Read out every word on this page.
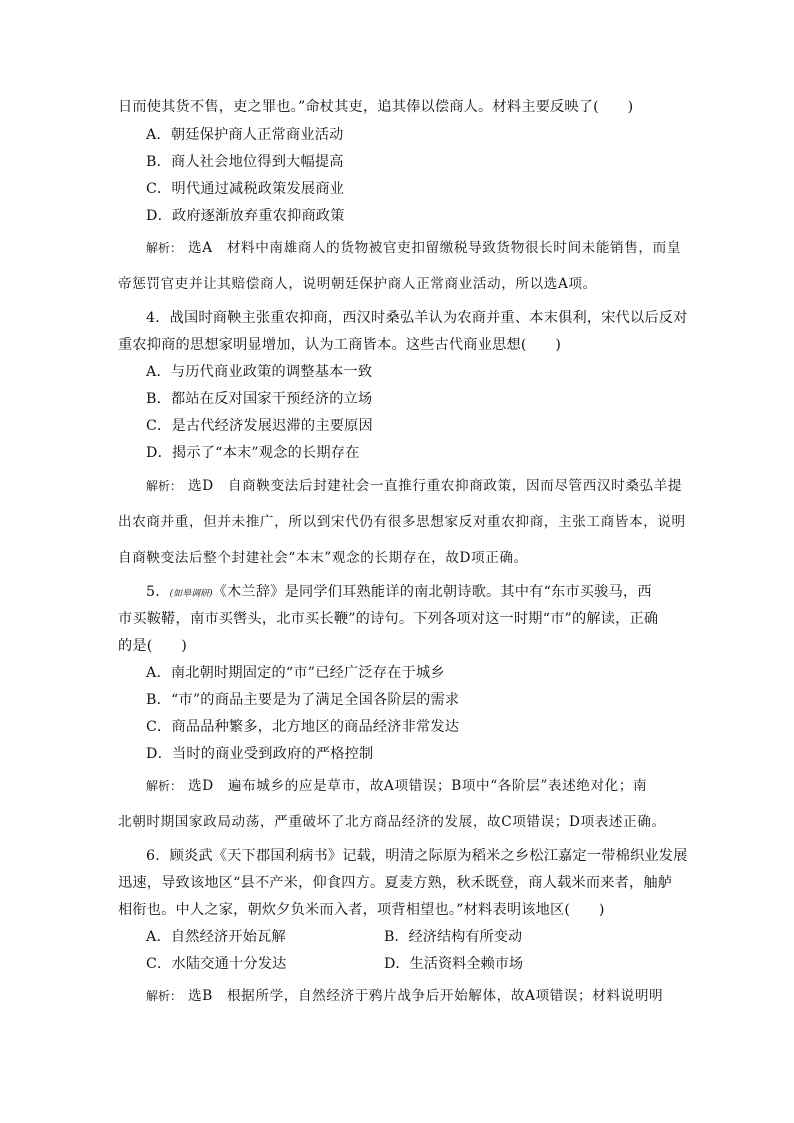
日而使其货不售，吏之罪也。”命杖其吏，追其俸以偿商人。材料主要反映了(　　)
A．朝廷保护商人正常商业活动
B．商人社会地位得到大幅提高
C．明代通过减税政策发展商业
D．政府逐渐放弃重农抑商政策
解析： 选A　材料中南雄商人的货物被官吏扣留缴税导致货物很长时间未能销售，而皇
帝惩罚官吏并让其赔偿商人，说明朝廷保护商人正常商业活动，所以选A项。
4．战国时商鞅主张重农抑商，西汉时桑弘羊认为农商并重、本末俱利，宋代以后反对
重农抑商的思想家明显增加，认为工商皆本。这些古代商业思想(　　)
A．与历代商业政策的调整基本一致
B．都站在反对国家干预经济的立场
C．是古代经济发展迟滞的主要原因
D．揭示了“本末”观念的长期存在
解析： 选D　自商鞅变法后封建社会一直推行重农抑商政策，因而尽管西汉时桑弘羊提
出农商并重，但并未推广，所以到宋代仍有很多思想家反对重农抑商，主张工商皆本，说明
自商鞅变法后整个封建社会“本末”观念的长期存在，故D项正确。
5．(如皋调研)《木兰辞》是同学们耳熟能详的南北朝诗歌。其中有“东市买骏马，西
市买鞍鞯，南市买辔头，北市买长鞭”的诗句。下列各项对这一时期“市”的解读，正确
的是(　　)
A．南北朝时期固定的“市”已经广泛存在于城乡
B．“市”的商品主要是为了满足全国各阶层的需求
C．商品品种繁多，北方地区的商品经济非常发达
D．当时的商业受到政府的严格控制
解析： 选D　遍布城乡的应是草市，故A项错误；B项中“各阶层”表述绝对化；南
北朝时期国家政局动荡，严重破坏了北方商品经济的发展，故C项错误；D项表述正确。
6．顾炎武《天下郡国利病书》记载，明清之际原为稻米之乡松江嘉定一带棉织业发展
迅速，导致该地区“县不产米，仰食四方。夏麦方熟，秋禾既登，商人载米而来者，舳舻
相衔也。中人之家，朝炊夕负米而入者，项背相望也。”材料表明该地区(　　)
A．自然经济开始瓦解	B．经济结构有所变动
C．水陆交通十分发达	D．生活资料全赖市场
解析： 选B　根据所学，自然经济于鸦片战争后开始解体，故A项错误；材料说明明
